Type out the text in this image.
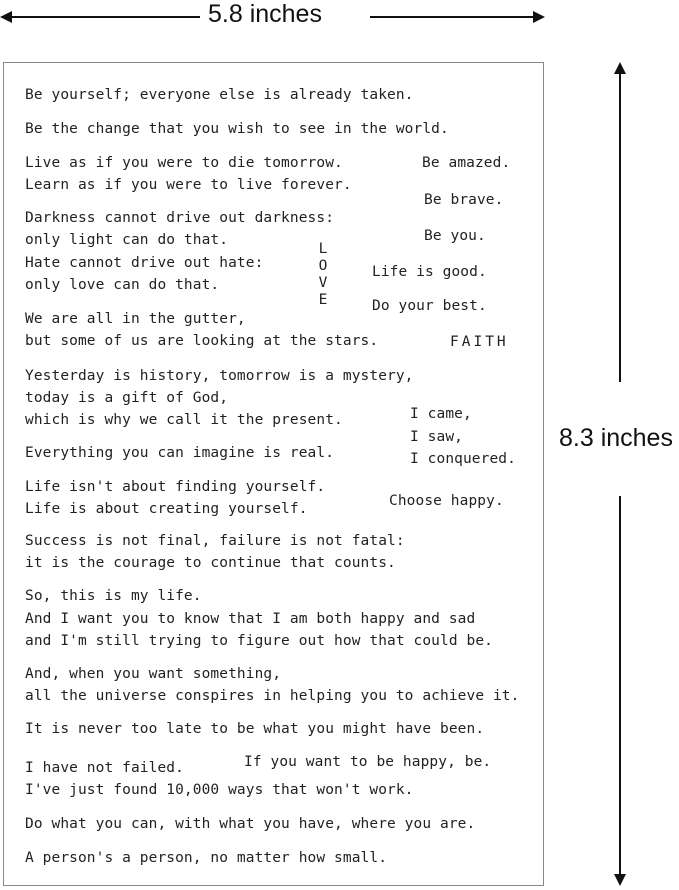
5.8 inches
8.3 inches
Be yourself; everyone else is already taken.
Be the change that you wish to see in the world.
Live as if you were to die tomorrow.
Learn as if you were to live forever.
Darkness cannot drive out darkness:
only light can do that.
Hate cannot drive out hate:
only love can do that.
We are all in the gutter,
but some of us are looking at the stars.
Yesterday is history, tomorrow is a mystery,
today is a gift of God,
which is why we call it the present.
Everything you can imagine is real.
Life isn't about finding yourself.
Life is about creating yourself.
Success is not final, failure is not fatal:
it is the courage to continue that counts.
So, this is my life.
And I want you to know that I am both happy and sad
and I'm still trying to figure out how that could be.
And, when you want something,
all the universe conspires in helping you to achieve it.
It is never too late to be what you might have been.
I have not failed.
I've just found 10,000 ways that won't work.
Do what you can, with what you have, where you are.
A person's a person, no matter how small.
Be amazed.
Be brave.
Be you.
Life is good.
Do your best.
FAITH
L
O
V
E
I came,
I saw,
I conquered.
Choose happy.
If you want to be happy, be.
